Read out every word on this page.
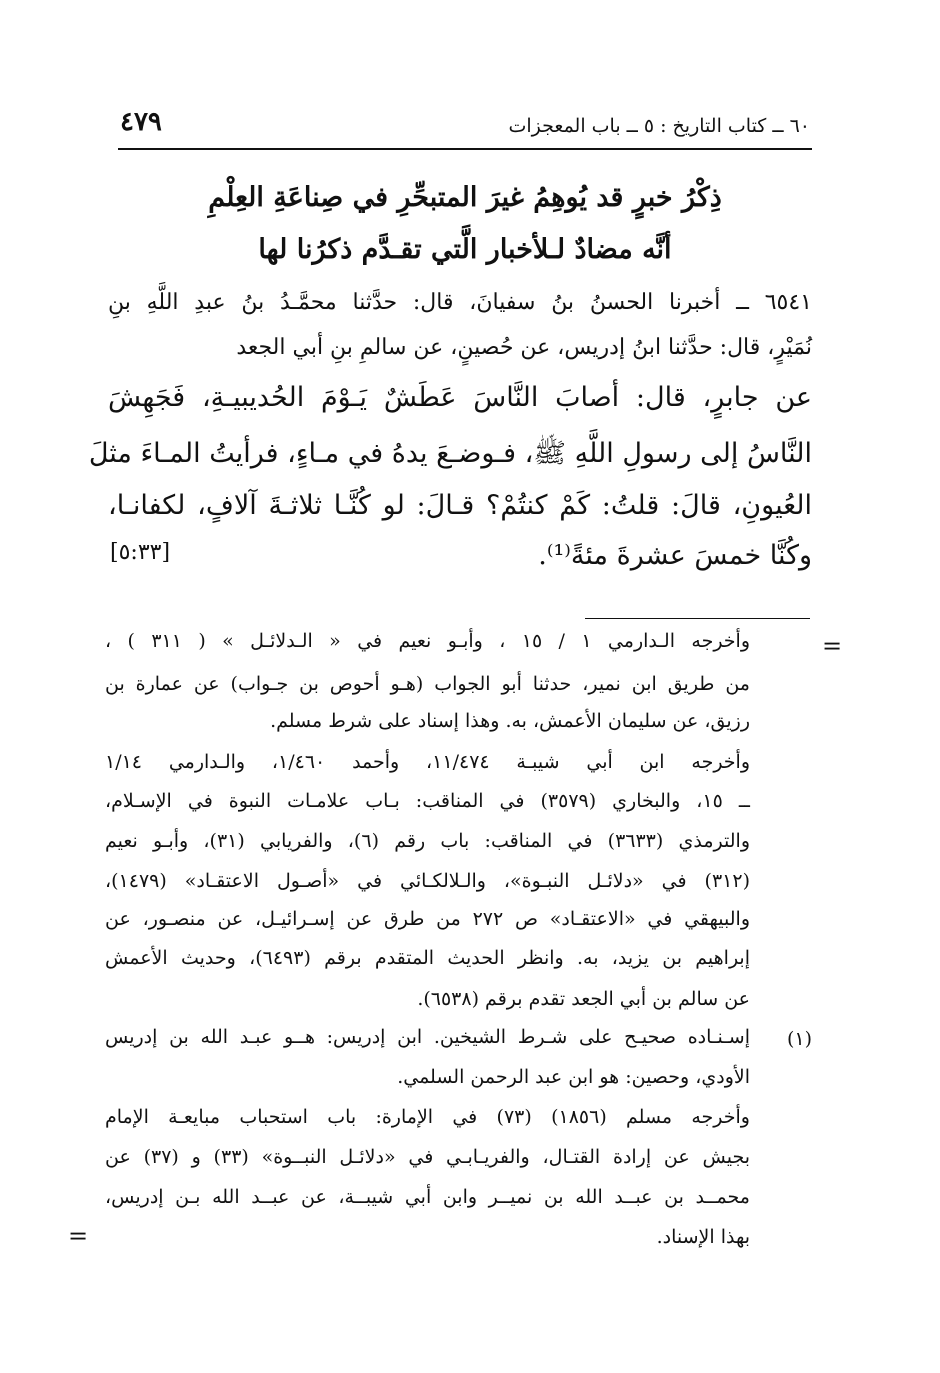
٤٧٩	٦٠ ــ كتاب التاريخ : ٥ ــ باب المعجزات
ذِكْرُ خبرٍ قد يُوهِمُ غيرَ المتبحِّرِ في صِناعَةِ العِلْمِ
أنَّه مضادٌ لـلأخبار الَّتي تقـدَّم ذكرُنا لها
٦٥٤١ ــ أخبرنا الحسنُ بنُ سفيانَ، قال: حدَّثنا محمَّـدُ بنُ عبدِ اللَّهِ بنِ
نُمَيْرٍ، قال: حدَّثنا ابنُ إدريس، عن حُصينٍ، عن سالمِ بنِ أبي الجعد
عن جابرٍ، قال: أصابَ النَّاسَ عَطَشٌ يَـوْمَ الحُديبيـةِ، فَجَهِشَ
النَّاسُ إلى رسولِ اللَّهِ ﷺ، فـوضـعَ يدهُ في مـاءٍ، فرأيتُ المـاءَ مثلَ
العُيونِ، قالَ: قلتُ: كَمْ كنتُمْ؟ قـالَ: لو كُنَّـا ثلاثـةَ آلافٍ، لكفانـا،
وكُنَّا خمسَ عشرةَ مئةً⁽¹⁾.
[٥:٣٣]
=
وأخرجه الـدارمي ١ / ١٥ ، وأبـو نعيم في « الـدلائـل » ( ٣١١ ) ،
من طريق ابن نمير، حدثنا أبو الجواب (هـو أحوص بن جـواب) عن عمارة بن
رزيق، عن سليمان الأعمش، به. وهذا إسناد على شرط مسلم.
وأخرجه ابن أبي شيبـة ١١/٤٧٤، وأحمد ١/٤٦٠، والـدارمي ١/١٤
ــ ١٥، والبخاري (٣٥٧٩) في المناقب: بـاب علامـات النبوة في الإسـلام،
والترمذي (٣٦٣٣) في المناقب: باب رقم (٦)، والفريابي (٣١)، وأبـو نعيم
(٣١٢) في «دلائـل النبـوة»، والـلالكـائي في «أصـول الاعتقـاد» (١٤٧٩)،
والبيهقي في «الاعتقـاد» ص ٢٧٢ من طرق عن إسـرائيـل، عن منصـور، عن
إبراهيم بن يزيد، به. وانظر الحديث المتقدم برقم (٦٤٩٣)، وحديث الأعمش
عن سالم بن أبي الجعد تقدم برقم (٦٥٣٨).
(١)
إسـنـاده صحيـح على شـرط الشيخين. ابن إدريس: هــو عبـد الله بن إدريس
الأودي، وحصين: هو ابن عبد الرحمن السلمي.
وأخرجه مسلم (١٨٥٦) (٧٣) في الإمارة: باب استحباب مبايعـة الإمام
بجيش عن إرادة القتـال، والفريـابـي في «دلائـل النبــوة» (٣٣) و (٣٧) عن
محمــد بن عبــد الله بن نميــر وابن أبي شيبــة، عن عبــد الله بـن إدريس،
بهذا الإسناد.
=
